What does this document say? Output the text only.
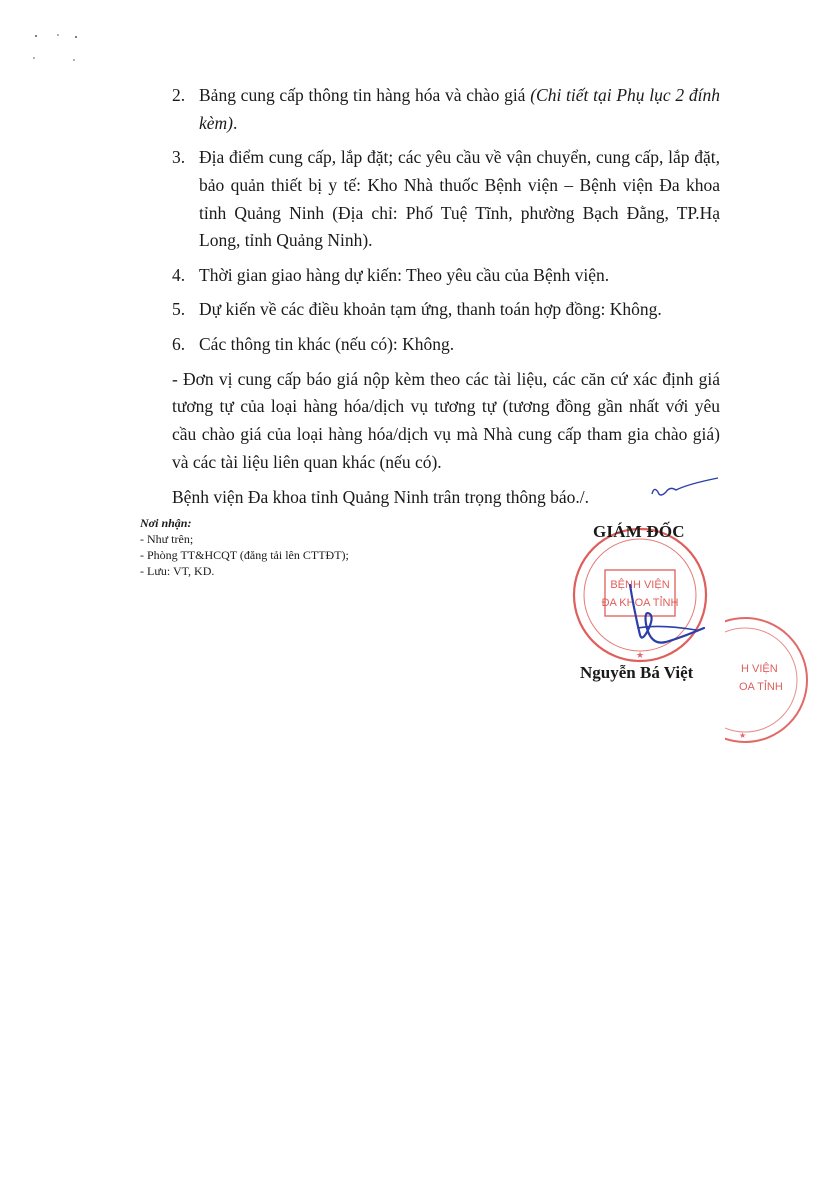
2. Bảng cung cấp thông tin hàng hóa và chào giá (Chi tiết tại Phụ lục 2 đính kèm).

3. Địa điểm cung cấp, lắp đặt; các yêu cầu về vận chuyển, cung cấp, lắp đặt, bảo quản thiết bị y tế: Kho Nhà thuốc Bệnh viện – Bệnh viện Đa khoa tỉnh Quảng Ninh (Địa chỉ: Phố Tuệ Tĩnh, phường Bạch Đằng, TP.Hạ Long, tỉnh Quảng Ninh).

4. Thời gian giao hàng dự kiến: Theo yêu cầu của Bệnh viện.

5. Dự kiến về các điều khoản tạm ứng, thanh toán hợp đồng: Không.

6. Các thông tin khác (nếu có): Không.

- Đơn vị cung cấp báo giá nộp kèm theo các tài liệu, các căn cứ xác định giá tương tự của loại hàng hóa/dịch vụ tương tự (tương đồng gần nhất với yêu cầu chào giá của loại hàng hóa/dịch vụ mà Nhà cung cấp tham gia chào giá) và các tài liệu liên quan khác (nếu có).

Bệnh viện Đa khoa tỉnh Quảng Ninh trân trọng thông báo./.

Nơi nhận:
- Như trên;
- Phòng TT&HCQT (đăng tải lên CTTĐT);
- Lưu: VT, KD.
BỆNH VIỆN
ĐA KHOA TỈNH
★
GIÁM ĐỐC
Nguyễn Bá Việt	H VIỆN
OA TỈNH
★
